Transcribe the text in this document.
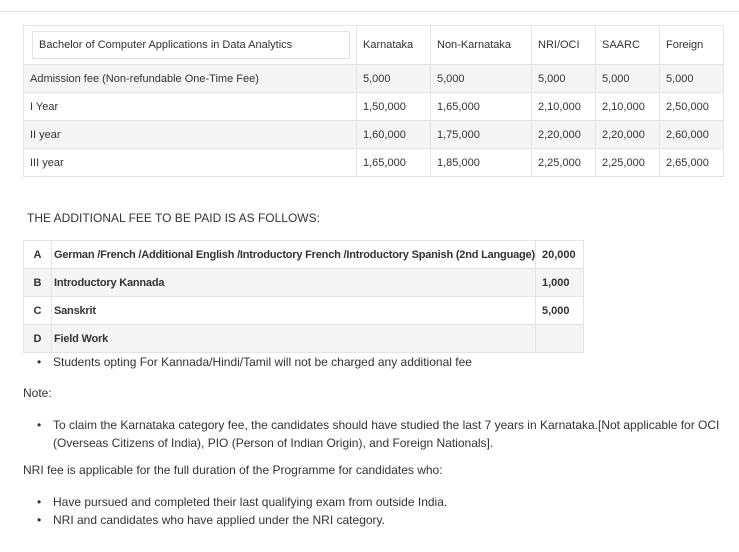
Bachelor of Computer Applications in Data Analytics	Karnataka	Non-Karnataka	NRI/OCI	SAARC	Foreign
Admission fee (Non-refundable One-Time Fee)	5,000	5,000	5,000	5,000	5,000
I Year	1,50,000	1,65,000	2,10,000	2,10,000	2,50,000
II year	1,60,000	1,75,000	2,20,000	2,20,000	2,60,000
III year	1,65,000	1,85,000	2,25,000	2,25,000	2,65,000
THE ADDITIONAL FEE TO BE PAID IS AS FOLLOWS:
A	German /French /Additional English /Introductory French /Introductory Spanish (2nd Language)	20,000
B	Introductory Kannada	1,000
C	Sanskrit	5,000
D	Field Work	
• Students opting For Kannada/Hindi/Tamil will not be charged any additional fee
Note:
• To claim the Karnataka category fee, the candidates should have studied the last 7 years in Karnataka.[Not applicable for OCI (Overseas Citizens of India), PIO (Person of Indian Origin), and Foreign Nationals].
NRI fee is applicable for the full duration of the Programme for candidates who:
• Have pursued and completed their last qualifying exam from outside India.
• NRI and candidates who have applied under the NRI category.
